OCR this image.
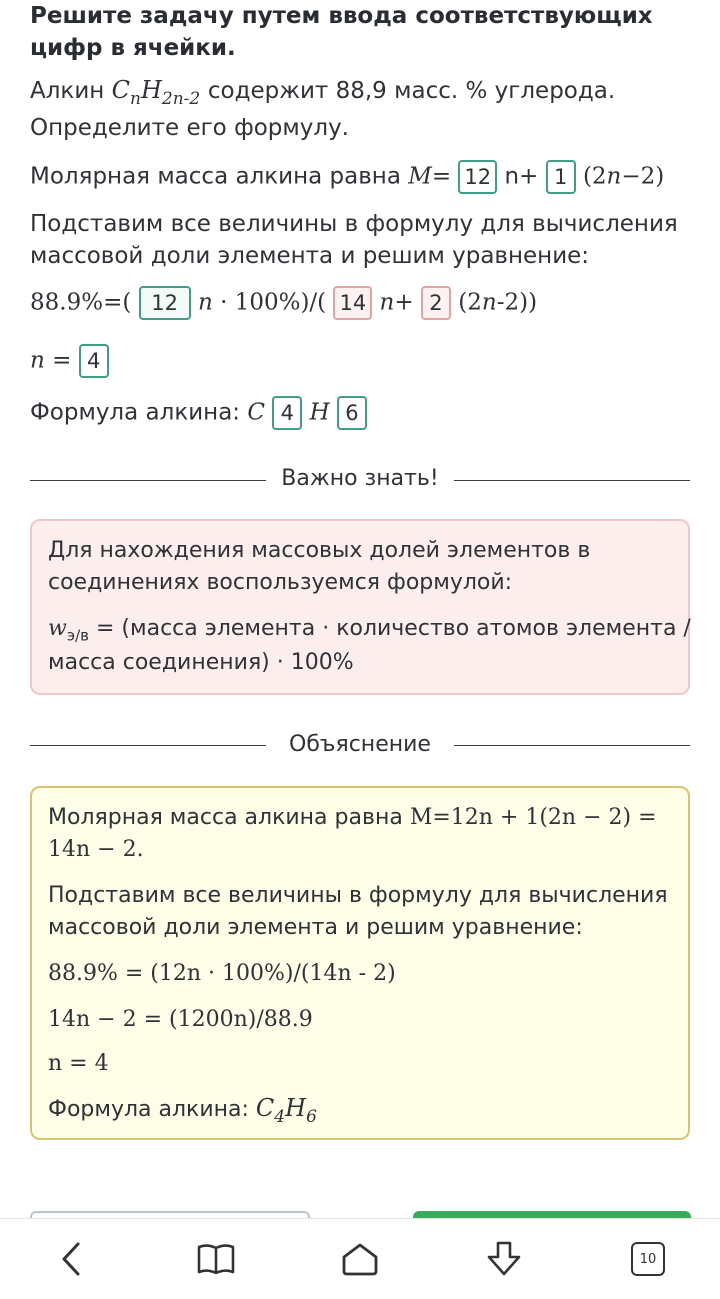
Решите задачу путем ввода соответствующих цифр в ячейки.
Алкин $C_nH_{2n-2}$ содержит 88,9 масс. % углерода.
Определите его формулу.
Молярная масса алкина равна M= 12 n+ 1 (2n−2)
Подставим все величины в формулу для вычисления
массовой доли элемента и решим уравнение:
88.9%=( 12 n · 100%)/( 14 n+ 2 (2n-2))
n = 4
Формула алкина: C 4 H 6
Важно знать!
Для нахождения массовых долей элементов в
соединениях воспользуемся формулой:
$w_{э/в}$ = (масса элемента · количество атомов элемента /
масса соединения) · 100%
Объяснение
Молярная масса алкина равна M=12n + 1(2n − 2) =
14n − 2.
Подставим все величины в формулу для вычисления
массовой доли элемента и решим уравнение:
88.9% = (12n · 100%)/(14n - 2)
14n − 2 = (1200n)/88.9
n = 4
Формула алкина: $C_4H_6$
10
